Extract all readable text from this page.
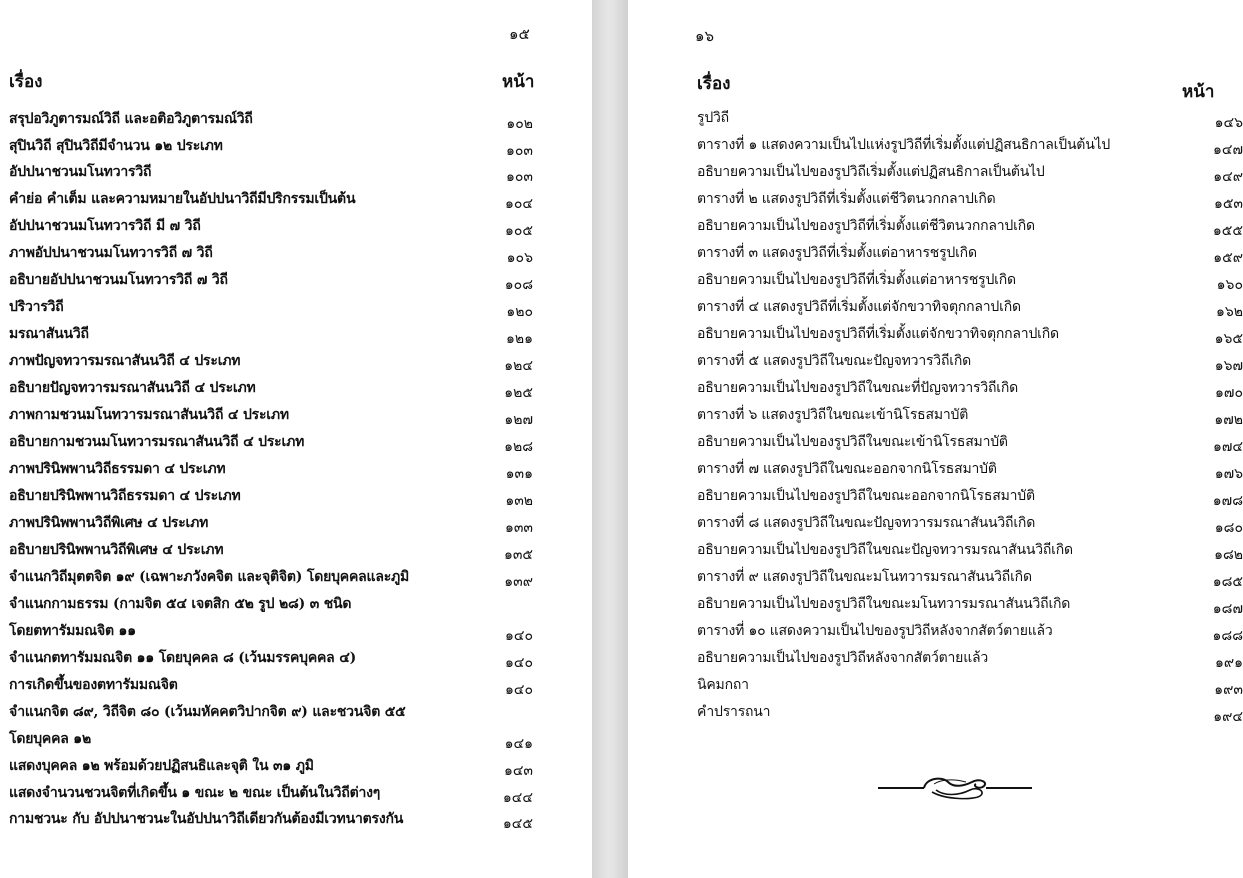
๑๕
เรื่อง	หน้า
สรุปอวิภูตารมณ์วิถี และอติอวิภูตารมณ์วิถี	๑๐๒
สุปินวิถี สุปินวิถีมีจำนวน ๑๒ ประเภท	๑๐๓
อัปปนาชวนมโนทวารวิถี	๑๐๓
คำย่อ คำเต็ม และความหมายในอัปปนาวิถีมีปริกรรมเป็นต้น	๑๐๔
อัปปนาชวนมโนทวารวิถี มี ๗ วิถี	๑๐๕
ภาพอัปปนาชวนมโนทวารวิถี ๗ วิถี	๑๐๖
อธิบายอัปปนาชวนมโนทวารวิถี ๗ วิถี	๑๐๘
ปริวารวิถี	๑๒๐
มรณาสันนวิถี	๑๒๑
ภาพปัญจทวารมรณาสันนวิถี ๔ ประเภท	๑๒๔
อธิบายปัญจทวารมรณาสันนวิถี ๔ ประเภท	๑๒๕
ภาพกามชวนมโนทวารมรณาสันนวิถี ๔ ประเภท	๑๒๗
อธิบายกามชวนมโนทวารมรณาสันนวิถี ๔ ประเภท	๑๒๘
ภาพปรินิพพานวิถีธรรมดา ๔ ประเภท	๑๓๑
อธิบายปรินิพพานวิถีธรรมดา ๔ ประเภท	๑๓๒
ภาพปรินิพพานวิถีพิเศษ ๔ ประเภท	๑๓๓
อธิบายปรินิพพานวิถีพิเศษ ๔ ประเภท	๑๓๕
จำแนกวิถีมุตตจิต ๑๙ (เฉพาะภวังคจิต และจุติจิต) โดยบุคคลและภูมิ	๑๓๙
จำแนกกามธรรม (กามจิต ๕๔ เจตสิก ๕๒ รูป ๒๘) ๓ ชนิด
โดยตทารัมมณจิต ๑๑	๑๔๐
จำแนกตทารัมมณจิต ๑๑ โดยบุคคล ๘ (เว้นมรรคบุคคล ๔)	๑๔๐
การเกิดขึ้นของตทารัมมณจิต	๑๔๐
จำแนกจิต ๘๙, วิถีจิต ๘๐ (เว้นมหัคคตวิปากจิต ๙) และชวนจิต ๕๕
โดยบุคคล ๑๒	๑๔๑
แสดงบุคคล ๑๒ พร้อมด้วยปฏิสนธิและจุติ ใน ๓๑ ภูมิ	๑๔๓
แสดงจำนวนชวนจิตที่เกิดขึ้น ๑ ขณะ ๒ ขณะ เป็นต้นในวิถีต่างๆ	๑๔๔
กามชวนะ กับ อัปปนาชวนะในอัปปนาวิถีเดียวกันต้องมีเวทนาตรงกัน	๑๔๕
๑๖
เรื่อง	หน้า
รูปวิถี	๑๔๖
ตารางที่ ๑ แสดงความเป็นไปแห่งรูปวิถีที่เริ่มตั้งแต่ปฏิสนธิกาลเป็นต้นไป	๑๔๗
อธิบายความเป็นไปของรูปวิถีเริ่มตั้งแต่ปฏิสนธิกาลเป็นต้นไป	๑๔๙
ตารางที่ ๒ แสดงรูปวิถีที่เริ่มตั้งแต่ชีวิตนวกกลาปเกิด	๑๕๓
อธิบายความเป็นไปของรูปวิถีที่เริ่มตั้งแต่ชีวิตนวกกลาปเกิด	๑๕๕
ตารางที่ ๓ แสดงรูปวิถีที่เริ่มตั้งแต่อาหารชรูปเกิด	๑๕๙
อธิบายความเป็นไปของรูปวิถีที่เริ่มตั้งแต่อาหารชรูปเกิด	๑๖๐
ตารางที่ ๔ แสดงรูปวิถีที่เริ่มตั้งแต่จักขวาทิจตุกกลาปเกิด	๑๖๒
อธิบายความเป็นไปของรูปวิถีที่เริ่มตั้งแต่จักขวาทิจตุกกลาปเกิด	๑๖๕
ตารางที่ ๕ แสดงรูปวิถีในขณะปัญจทวารวิถีเกิด	๑๖๗
อธิบายความเป็นไปของรูปวิถีในขณะที่ปัญจทวารวิถีเกิด	๑๗๐
ตารางที่ ๖ แสดงรูปวิถีในขณะเข้านิโรธสมาบัติ	๑๗๒
อธิบายความเป็นไปของรูปวิถีในขณะเข้านิโรธสมาบัติ	๑๗๔
ตารางที่ ๗ แสดงรูปวิถีในขณะออกจากนิโรธสมาบัติ	๑๗๖
อธิบายความเป็นไปของรูปวิถีในขณะออกจากนิโรธสมาบัติ	๑๗๘
ตารางที่ ๘ แสดงรูปวิถีในขณะปัญจทวารมรณาสันนวิถีเกิด	๑๘๐
อธิบายความเป็นไปของรูปวิถีในขณะปัญจทวารมรณาสันนวิถีเกิด	๑๘๒
ตารางที่ ๙ แสดงรูปวิถีในขณะมโนทวารมรณาสันนวิถีเกิด	๑๘๕
อธิบายความเป็นไปของรูปวิถีในขณะมโนทวารมรณาสันนวิถีเกิด	๑๘๗
ตารางที่ ๑๐ แสดงความเป็นไปของรูปวิถีหลังจากสัตว์ตายแล้ว	๑๘๘
อธิบายความเป็นไปของรูปวิถีหลังจากสัตว์ตายแล้ว	๑๙๑
นิคมกถา	๑๙๓
คำปรารถนา	๑๙๔
